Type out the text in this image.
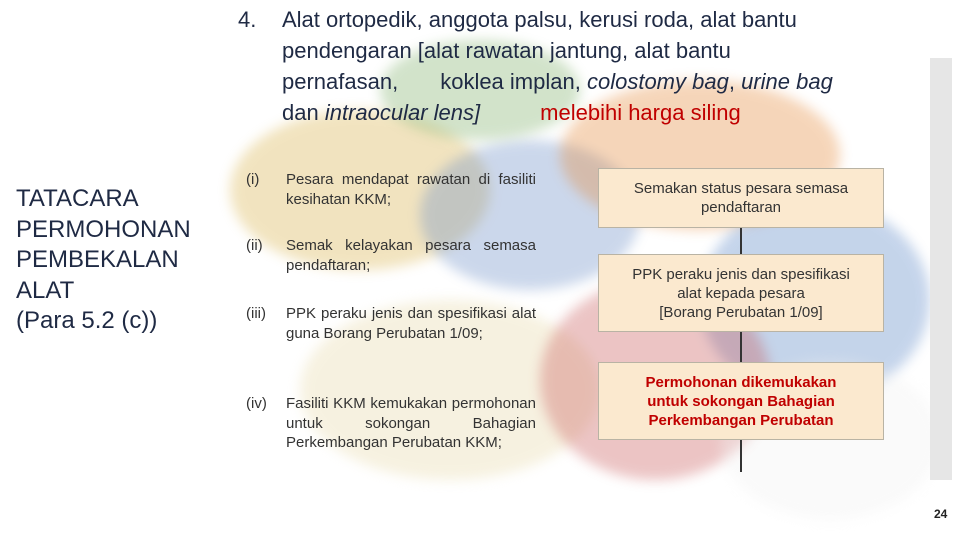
4. Alat ortopedik, anggota palsu, kerusi roda, alat bantu
pendengaran [alat rawatan jantung, alat bantu
pernafasan, koklea implan, colostomy bag, urine bag
dan intraocular lens]	melebihi harga siling
TATACARA
PERMOHONAN
PEMBEKALAN
ALAT
(Para 5.2 (c))
(i) Pesara mendapat rawatan di fasiliti kesihatan KKM;
(ii) Semak kelayakan pesara semasa pendaftaran;
(iii) PPK peraku jenis dan spesifikasi alat guna Borang Perubatan 1/09;
(iv) Fasiliti KKM kemukakan permohonan untuk sokongan Bahagian Perkembangan Perubatan KKM;
Semakan status pesara semasa
pendaftaran
PPK peraku jenis dan spesifikasi
alat kepada pesara
[Borang Perubatan 1/09]
Permohonan dikemukakan
untuk sokongan Bahagian
Perkembangan Perubatan
24
